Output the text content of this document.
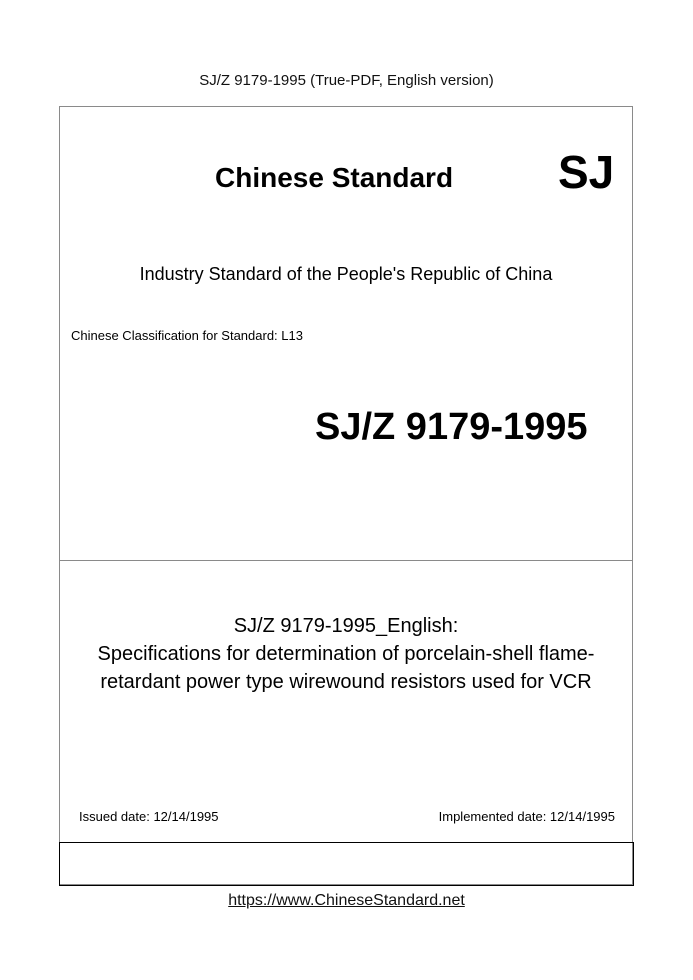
SJ/Z 9179-1995 (True-PDF, English version)
Chinese Standard SJ
Industry Standard of the People's Republic of China
Chinese Classification for Standard: L13
SJ/Z 9179-1995
SJ/Z 9179-1995_English:
Specifications for determination of porcelain-shell flame-
retardant power type wirewound resistors used for VCR
Issued date: 12/14/1995	Implemented date: 12/14/1995
https://www.ChineseStandard.net
